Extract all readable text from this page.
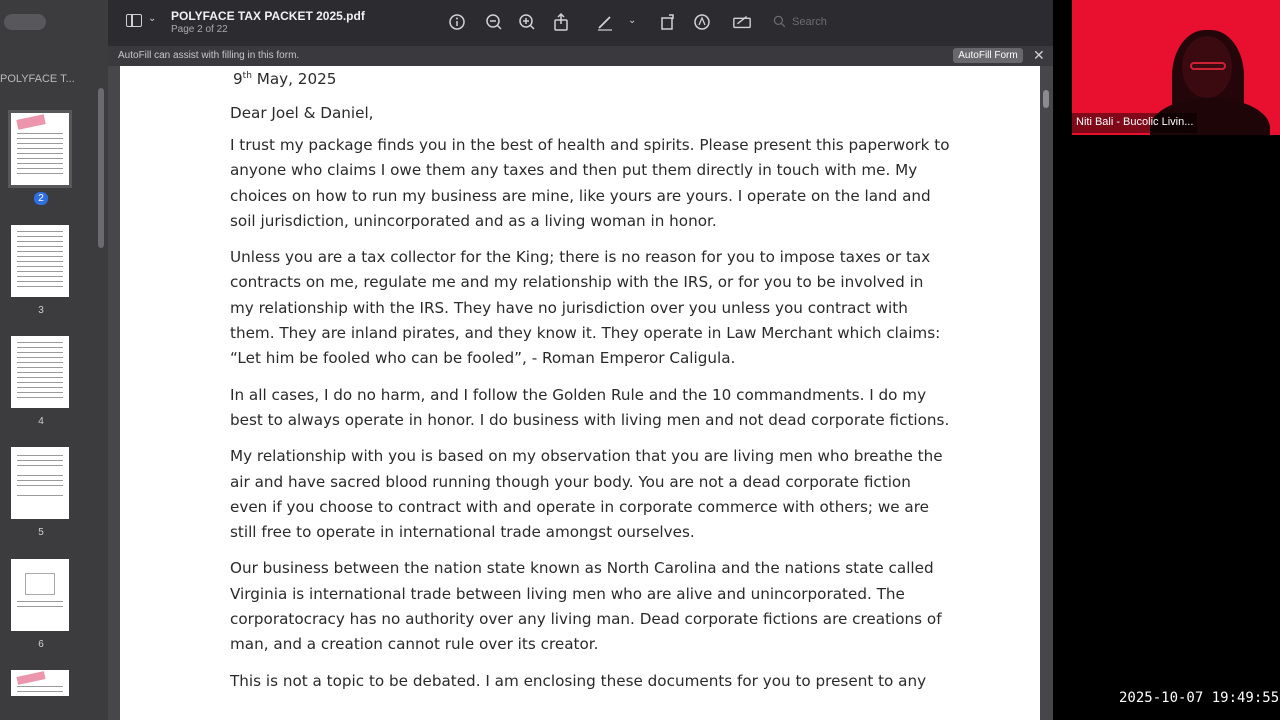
POLYFACE T...
2
3
4
5
6
⌄ POLYFACE TAX PACKET 2025.pdf
Page 2 of 22
⌄	Search
AutoFill can assist with filling in this form.	AutoFill Form	✕
9th May, 2025
Dear Joel & Daniel,

I trust my package finds you in the best of health and spirits. Please present this paperwork to anyone who claims I owe them any taxes and then put them directly in touch with me. My choices on how to run my business are mine, like yours are yours. I operate on the land and soil jurisdiction, unincorporated and as a living woman in honor.

Unless you are a tax collector for the King; there is no reason for you to impose taxes or tax contracts on me, regulate me and my relationship with the IRS, or for you to be involved in my relationship with the IRS. They have no jurisdiction over you unless you contract with them. They are inland pirates, and they know it. They operate in Law Merchant which claims: “Let him be fooled who can be fooled”, - Roman Emperor Caligula.

In all cases, I do no harm, and I follow the Golden Rule and the 10 commandments. I do my best to always operate in honor. I do business with living men and not dead corporate fictions.

My relationship with you is based on my observation that you are living men who breathe the air and have sacred blood running though your body. You are not a dead corporate fiction even if you choose to contract with and operate in corporate commerce with others; we are still free to operate in international trade amongst ourselves.

Our business between the nation state known as North Carolina and the nations state called Virginia is international trade between living men who are alive and unincorporated. The corporatocracy has no authority over any living man. Dead corporate fictions are creations of man, and a creation cannot rule over its creator.

This is not a topic to be debated. I am enclosing these documents for you to present to any

Niti Bali - Bucolic Livin...
2025-10-07 19:49:55
